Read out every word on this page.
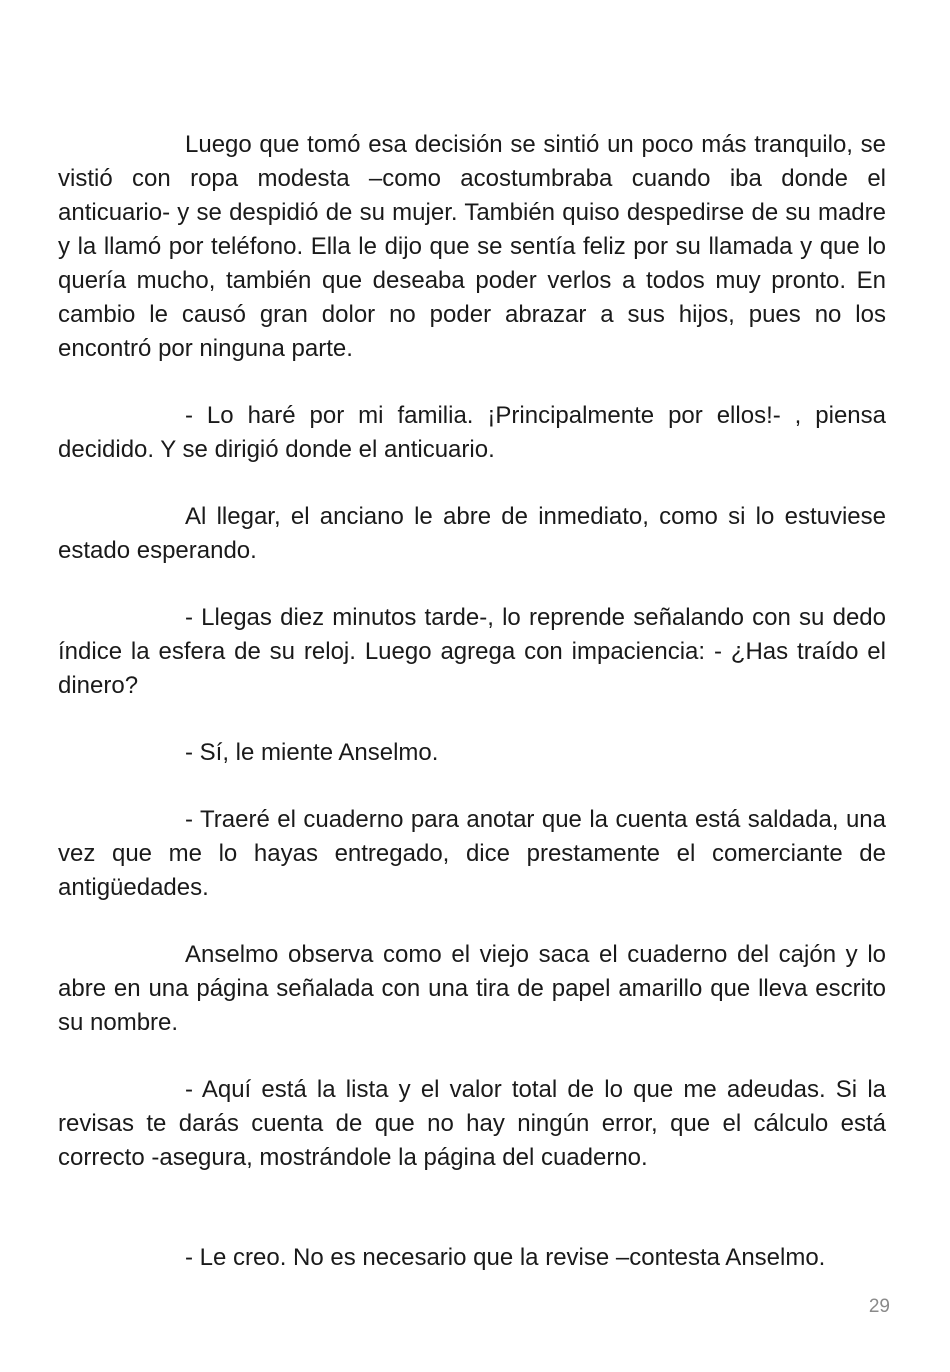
Luego que tomó esa decisión se sintió un poco más tranquilo, se vistió con ropa modesta –como acostumbraba cuando iba donde el anticuario- y se despidió de su mujer. También quiso despedirse de su madre y la llamó por teléfono. Ella le dijo que se sentía feliz por su llamada y que lo quería mucho, también que deseaba poder verlos a todos muy pronto. En cambio le causó gran dolor no poder abrazar a sus hijos, pues no los encontró por ninguna parte.

- Lo haré por mi familia. ¡Principalmente por ellos!- , piensa decidido. Y se dirigió donde el anticuario.

Al llegar, el anciano le abre de inmediato, como si lo estuviese estado esperando.

- Llegas diez minutos tarde-, lo reprende señalando con su dedo índice la esfera de su reloj. Luego agrega con impaciencia: - ¿Has traído el dinero?

- Sí, le miente Anselmo.

- Traeré el cuaderno para anotar que la cuenta está saldada, una vez que me lo hayas entregado, dice prestamente el comerciante de antigüedades.

Anselmo observa como el viejo saca el cuaderno del cajón y lo abre en una página señalada con una tira de papel amarillo que lleva escrito su nombre.

- Aquí está la lista y el valor total de lo que me adeudas. Si la revisas te darás cuenta de que no hay ningún error, que el cálculo está correcto -asegura, mostrándole la página del cuaderno.

- Le creo. No es necesario que la revise –contesta Anselmo.

29
